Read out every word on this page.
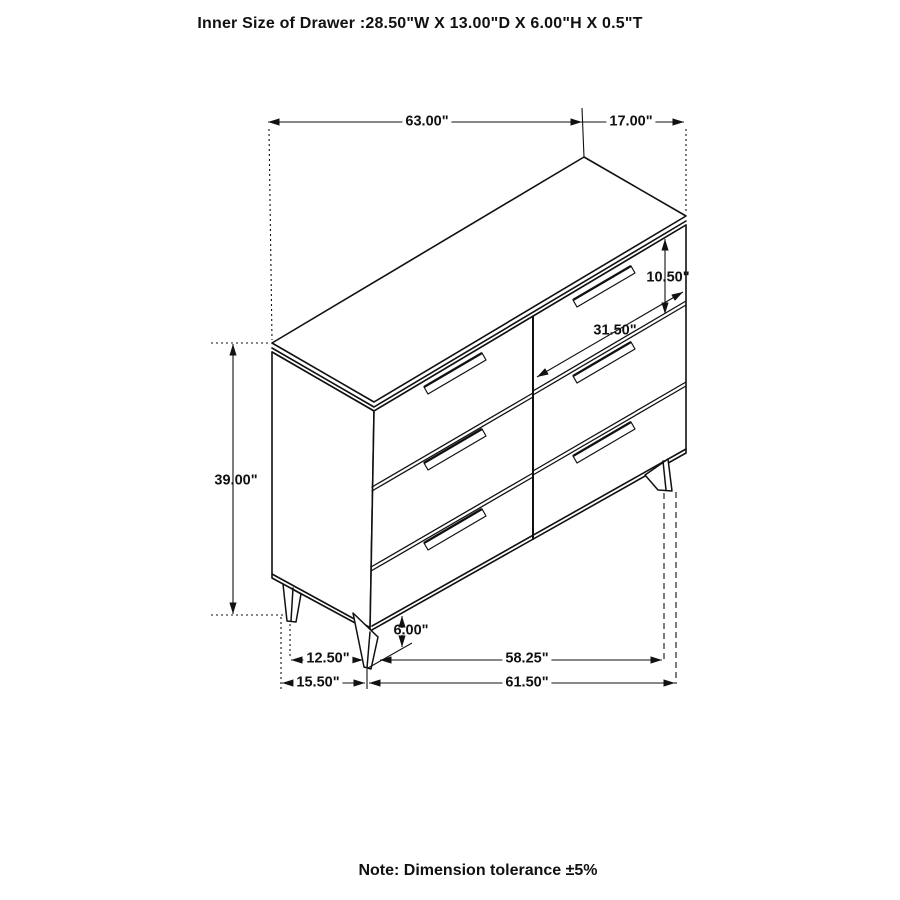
Inner Size of Drawer :28.50"W X 13.00"D X 6.00"H X 0.5"T
63.00"	17.00"
10.50"
31.50"
39.00"
6.00"
12.50"	58.25"
15.50"	61.50"
Note: Dimension tolerance ±5%
